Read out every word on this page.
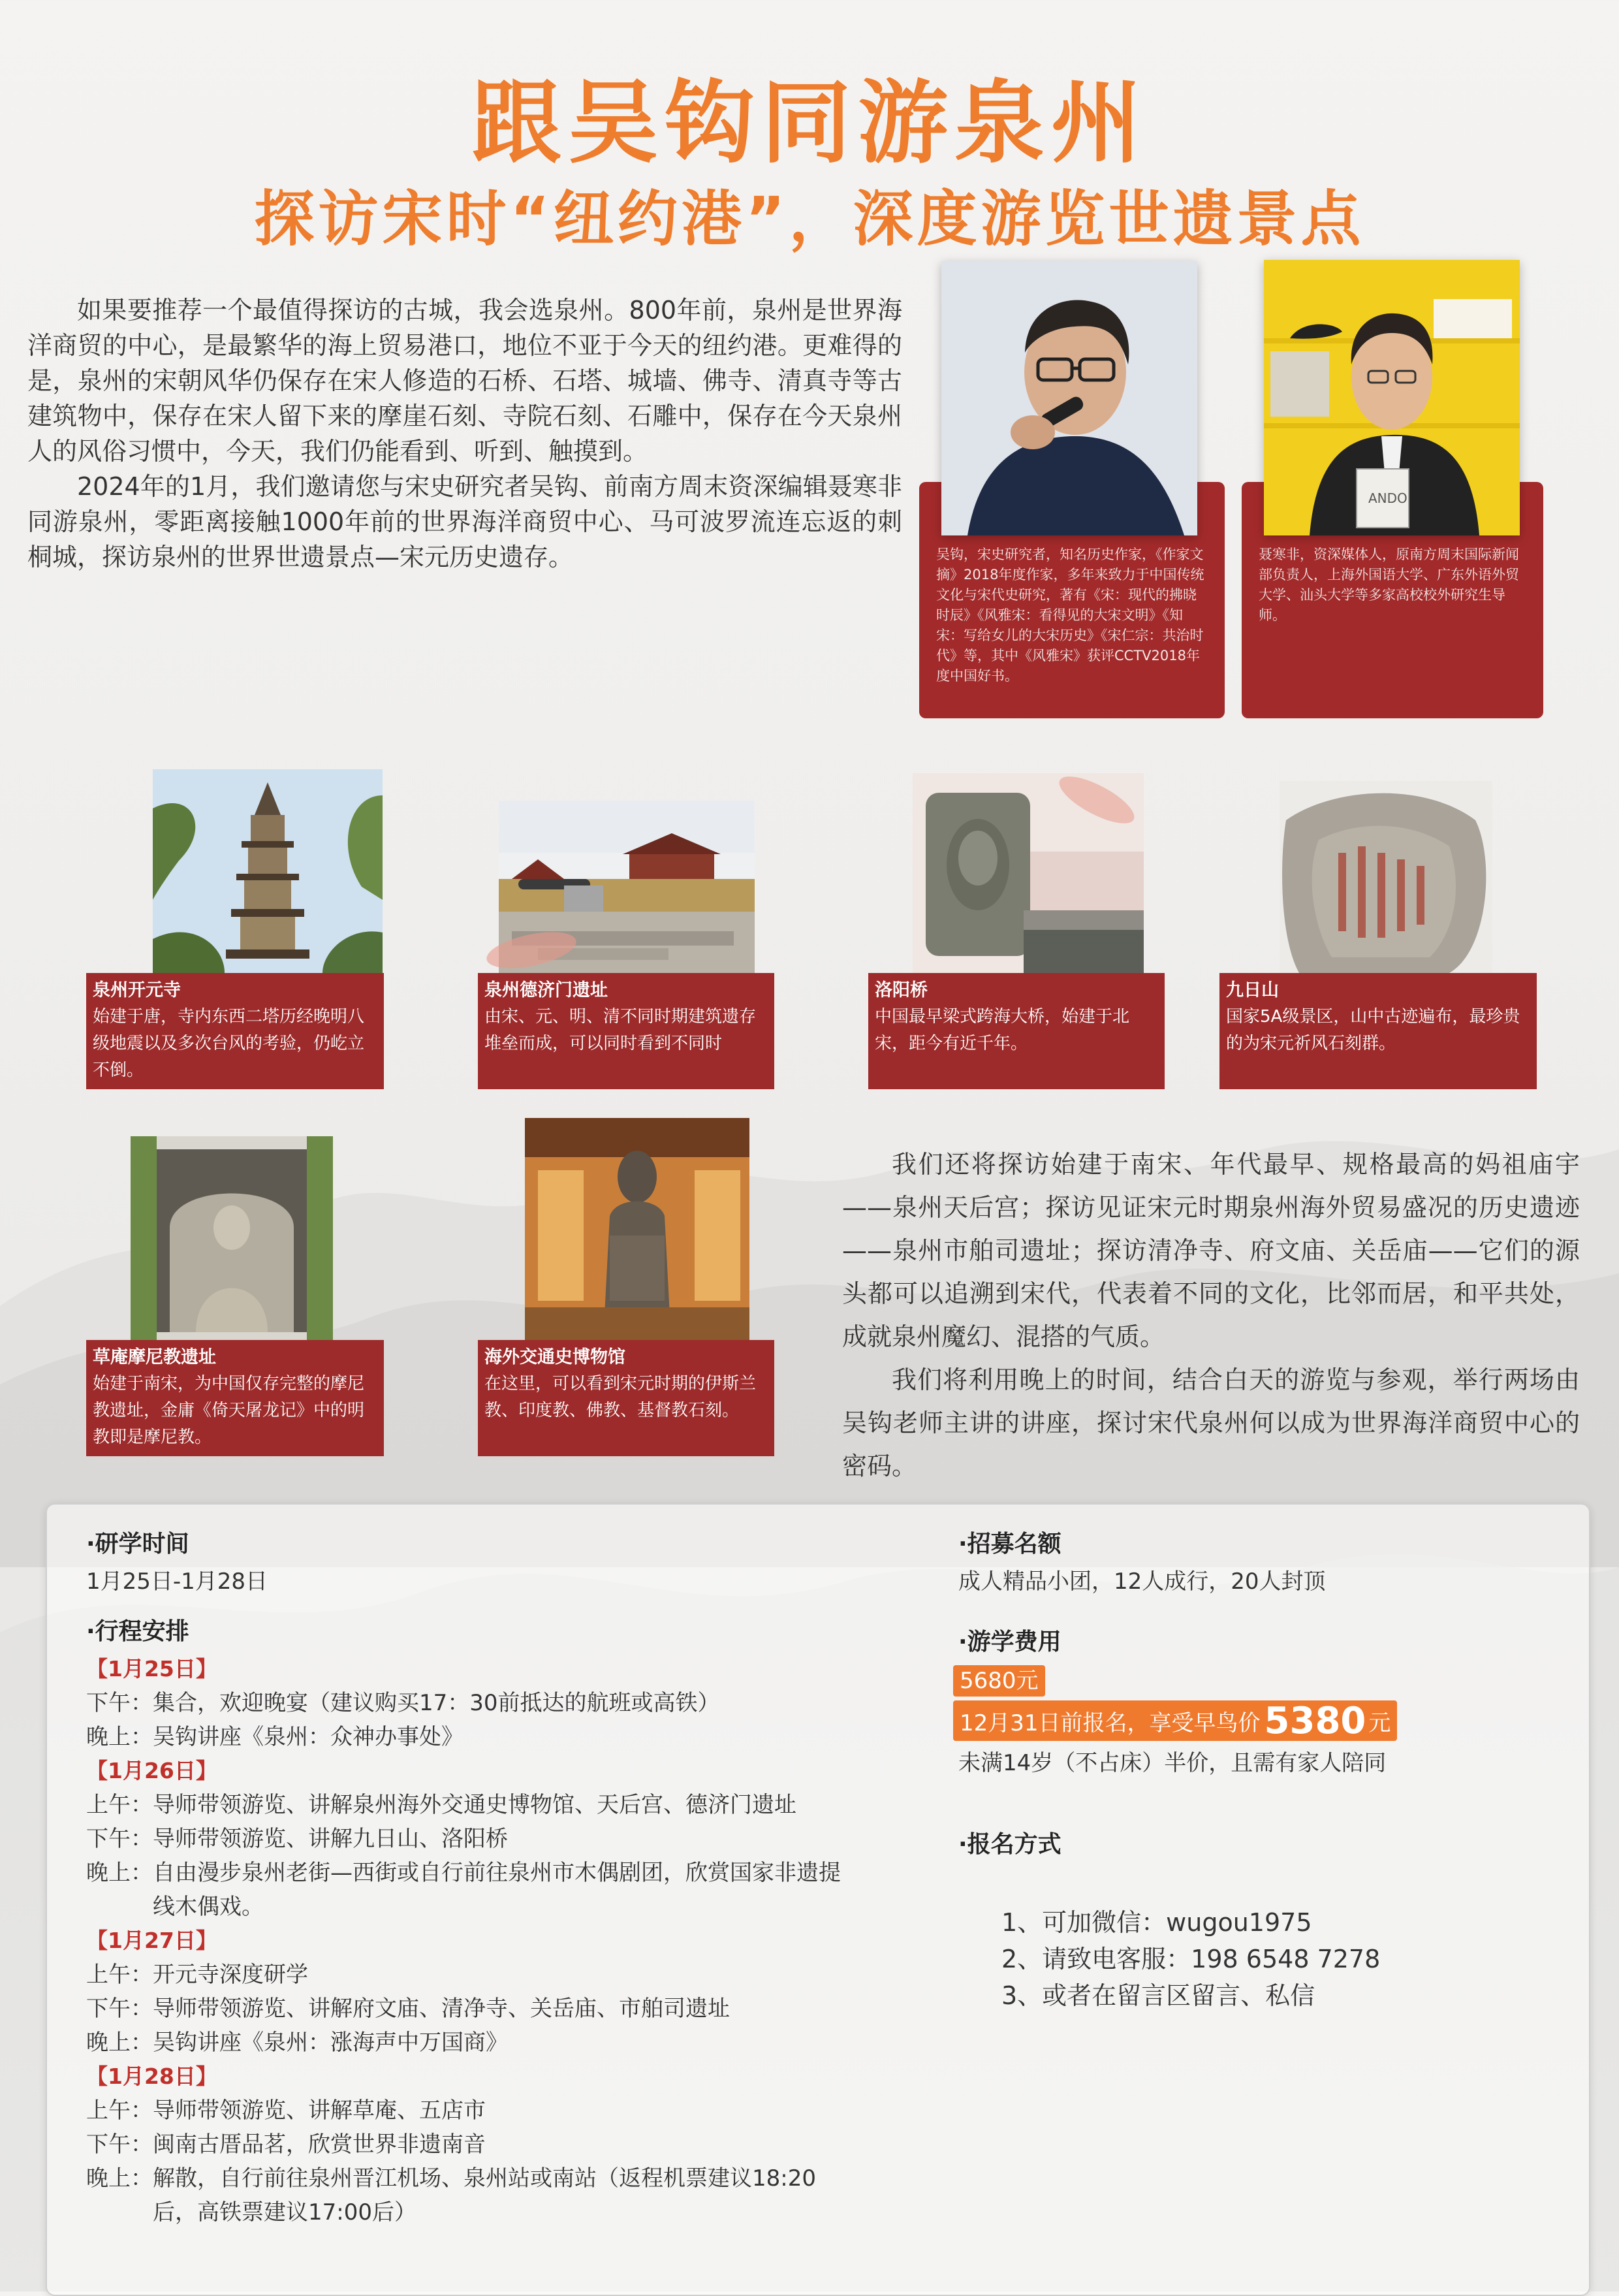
跟吴钩同游泉州
探访宋时“纽约港”，深度游览世遗景点

如果要推荐一个最值得探访的古城，我会选泉州。800年前，泉州是世界海洋商贸的中心，是最繁华的海上贸易港口，地位不亚于今天的纽约港。更难得的是，泉州的宋朝风华仍保存在宋人修造的石桥、石塔、城墙、佛寺、清真寺等古建筑物中，保存在宋人留下来的摩崖石刻、寺院石刻、石雕中，保存在今天泉州人的风俗习惯中，今天，我们仍能看到、听到、触摸到。

2024年的1月，我们邀请您与宋史研究者吴钩、前南方周末资深编辑聂寒非同游泉州，零距离接触1000年前的世界海洋商贸中心、马可波罗流连忘返的刺桐城，探访泉州的世界世遗景点—宋元历史遗存。	吴钩，宋史研究者，知名历史作家，《作家文摘》2018年度作家，多年来致力于中国传统文化与宋代史研究，著有《宋：现代的拂晓时辰》《风雅宋：看得见的大宋文明》《知宋：写给女儿的大宋历史》《宋仁宗：共治时代》等，其中《风雅宋》获评CCTV2018年度中国好书。
聂寒非，资深媒体人，原南方周末国际新闻部负责人，上海外国语大学、广东外语外贸大学、汕头大学等多家高校校外研究生导师。
ANDO
泉州开元寺
始建于唐，寺内东西二塔历经晚明八级地震以及多次台风的考验，仍屹立不倒。
泉州德济门遗址
由宋、元、明、清不同时期建筑遗存堆垒而成，可以同时看到不同时
洛阳桥
中国最早梁式跨海大桥，始建于北宋，距今有近千年。
九日山
国家5A级景区，山中古迹遍布，最珍贵的为宋元祈风石刻群。
草庵摩尼教遗址
始建于南宋，为中国仅存完整的摩尼教遗址，金庸《倚天屠龙记》中的明教即是摩尼教。
海外交通史博物馆
在这里，可以看到宋元时期的伊斯兰教、印度教、佛教、基督教石刻。

我们还将探访始建于南宋、年代最早、规格最高的妈祖庙宇——泉州天后宫；探访见证宋元时期泉州海外贸易盛况的历史遗迹——泉州市舶司遗址；探访清净寺、府文庙、关岳庙——它们的源头都可以追溯到宋代，代表着不同的文化，比邻而居，和平共处，成就泉州魔幻、混搭的气质。

我们将利用晚上的时间，结合白天的游览与参观，举行两场由吴钩老师主讲的讲座，探讨宋代泉州何以成为世界海洋商贸中心的密码。

·研学时间
1月25日-1月28日
·行程安排
【1月25日】
下午： 集合，欢迎晚宴（建议购买17：30前抵达的航班或高铁）
晚上： 吴钩讲座《泉州：众神办事处》
【1月26日】
上午： 导师带领游览、讲解泉州海外交通史博物馆、天后宫、德济门遗址
下午： 导师带领游览、讲解九日山、洛阳桥
晚上： 自由漫步泉州老街—西街或自行前往泉州市木偶剧团，欣赏国家非遗提线木偶戏。
【1月27日】
上午： 开元寺深度研学
下午： 导师带领游览、讲解府文庙、清净寺、关岳庙、市舶司遗址
晚上： 吴钩讲座《泉州：涨海声中万国商》
【1月28日】
上午： 导师带领游览、讲解草庵、五店市
下午： 闽南古厝品茗，欣赏世界非遗南音
晚上： 解散，自行前往泉州晋江机场、泉州站或南站（返程机票建议18:20后，高铁票建议17:00后）
·招募名额
成人精品小团，12人成行，20人封顶
·游学费用
5680元
12月31日前报名，享受早鸟价 5380 元
未满14岁（不占床）半价，且需有家人陪同
·报名方式
1、可加微信：wugou1975
2、请致电客服：198 6548 7278
3、或者在留言区留言、私信
